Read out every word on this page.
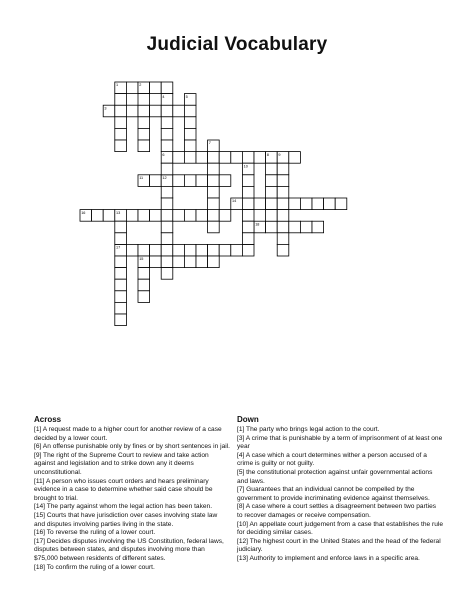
Judicial Vocabulary
1	2
3
6	8 9
11	12
14
16	13
18
17
15
4	5
7
10
Across

[1] A request made to a higher court for another review of a case decided by a lower court.

[6] An offense punishable only by fines or by short sentences in jail.

[9] The right of the Supreme Court to review and take action against and legislation and to strike down any it deems unconstitutional.

[11] A person who issues court orders and hears preliminary evidence in a case to determine whether said case should be brought to trial.

[14] The party against whom the legal action has been taken.

[15] Courts that have jurisdiction over cases involving state law and disputes involving parties living in the state.

[16] To reverse the ruling of a lower court.

[17] Decides disputes involving the US Constitution, federal laws, disputes between states, and disputes involving more than $75,000 between residents of different sates.

[18] To confirm the ruling of a lower court.

Down

[1] The party who brings legal action to the court.

[3] A crime that is punishable by a term of imprisonment of at least one year

[4] A case which a court determines wither a person accused of a crime is guilty or not guilty.

[5] the constitutional protection against unfair governmental actions and laws.

[7] Guarantees that an individual cannot be compelled by the government to provide incriminating evidence against themselves.

[8] A case where a court settles a disagreement between two parties to recover damages or receive compensation.

[10] An appellate court judgement from a case that establishes the rule for deciding similar cases.

[12] The highest court in the United States and the head of the federal judiciary.

[13] Authority to implement and enforce laws in a specific area.
